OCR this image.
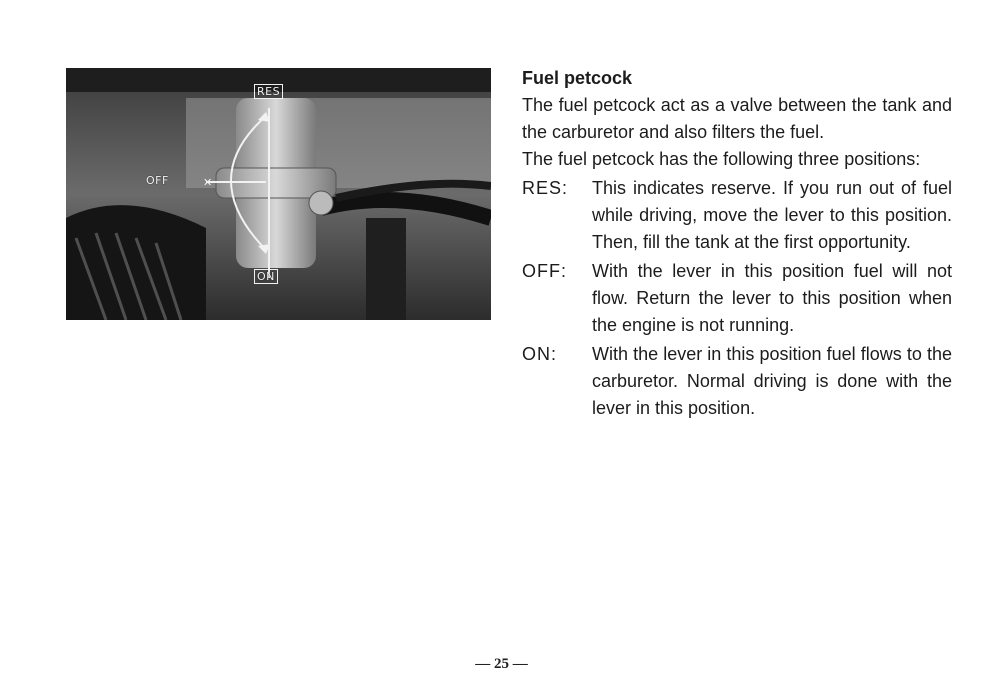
✕
RES
OFF
ON
Fuel petcock
The fuel petcock act as a valve between the tank and the carburetor and also filters the fuel.
The fuel petcock has the following three positions:
RES:	This indicates reserve. If you run out of fuel while driving, move the lever to this position. Then, fill the tank at the first opportunity.
OFF:	With the lever in this position fuel will not flow. Return the lever to this position when the engine is not running.
ON:	With the lever in this position fuel flows to the carburetor. Normal driving is done with the lever in this position.
— 25 —
